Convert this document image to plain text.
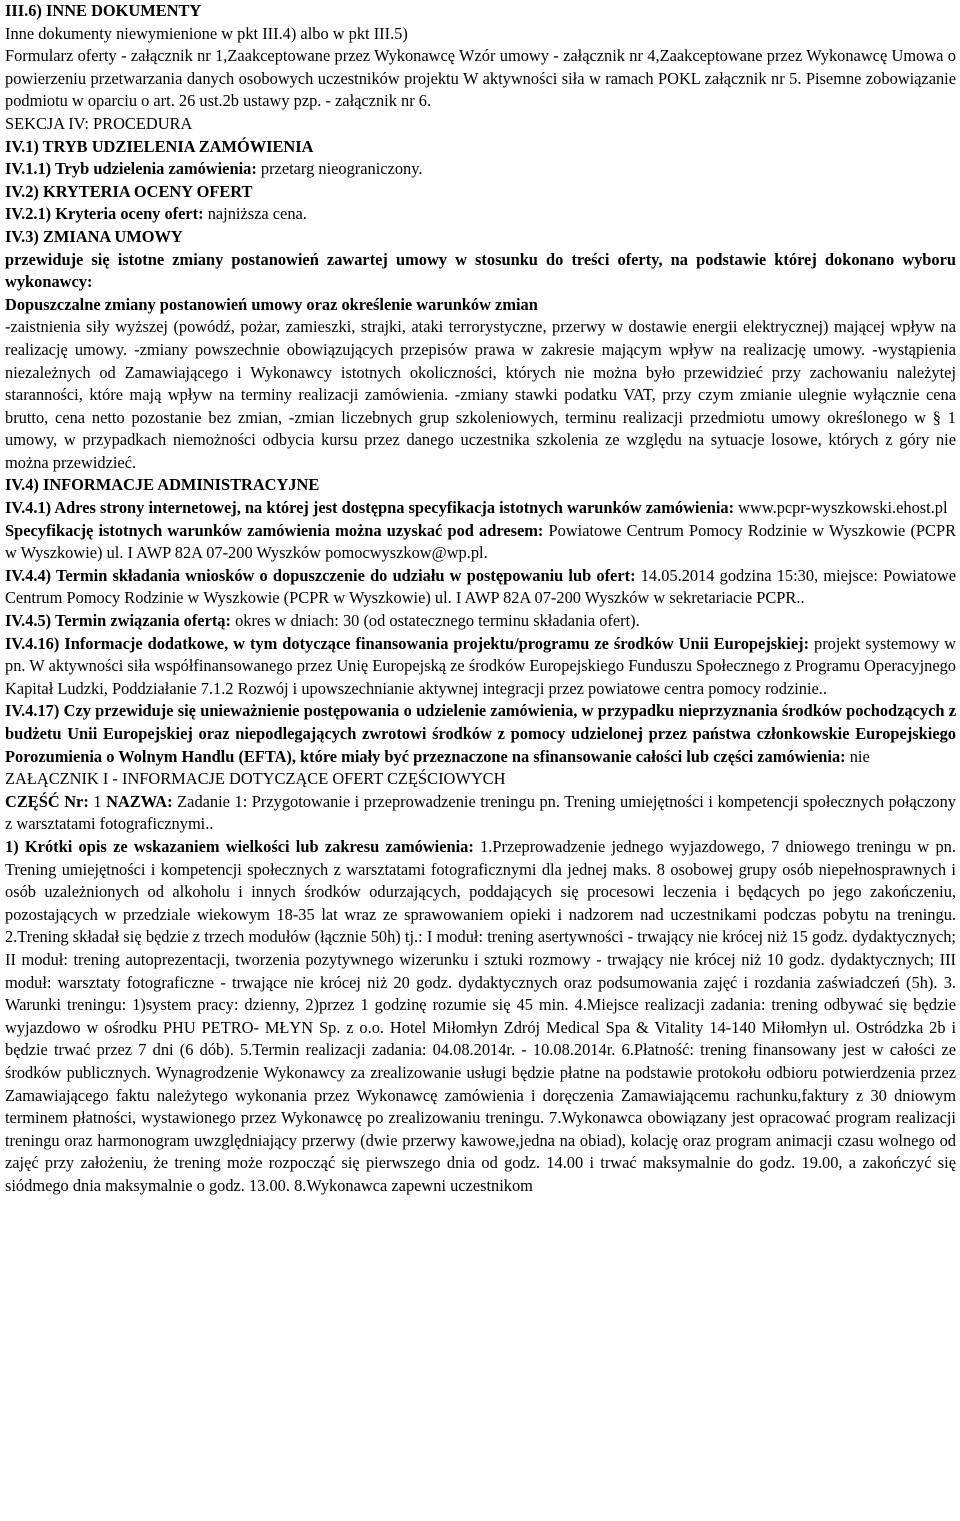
III.6) INNE DOKUMENTY

Inne dokumenty niewymienione w pkt III.4) albo w pkt III.5)

Formularz oferty - załącznik nr 1,Zaakceptowane przez Wykonawcę Wzór umowy - załącznik nr 4,Zaakceptowane przez Wykonawcę Umowa o powierzeniu przetwarzania danych osobowych uczestników projektu W aktywności siła w ramach POKL załącznik nr 5. Pisemne zobowiązanie podmiotu w oparciu o art. 26 ust.2b ustawy pzp. - załącznik nr 6.

SEKCJA IV: PROCEDURA

IV.1) TRYB UDZIELENIA ZAMÓWIENIA

IV.1.1) Tryb udzielenia zamówienia: przetarg nieograniczony.

IV.2) KRYTERIA OCENY OFERT

IV.2.1) Kryteria oceny ofert: najniższa cena.

IV.3) ZMIANA UMOWY

przewiduje się istotne zmiany postanowień zawartej umowy w stosunku do treści oferty, na podstawie której dokonano wyboru wykonawcy:

Dopuszczalne zmiany postanowień umowy oraz określenie warunków zmian

-zaistnienia siły wyższej (powódź, pożar, zamieszki, strajki, ataki terrorystyczne, przerwy w dostawie energii elektrycznej) mającej wpływ na realizację umowy. -zmiany powszechnie obowiązujących przepisów prawa w zakresie mającym wpływ na realizację umowy. -wystąpienia niezależnych od Zamawiającego i Wykonawcy istotnych okoliczności, których nie można było przewidzieć przy zachowaniu należytej staranności, które mają wpływ na terminy realizacji zamówienia. -zmiany stawki podatku VAT, przy czym zmianie ulegnie wyłącznie cena brutto, cena netto pozostanie bez zmian, -zmian liczebnych grup szkoleniowych, terminu realizacji przedmiotu umowy określonego w § 1 umowy, w przypadkach niemożności odbycia kursu przez danego uczestnika szkolenia ze względu na sytuacje losowe, których z góry nie można przewidzieć.

IV.4) INFORMACJE ADMINISTRACYJNE

IV.4.1) Adres strony internetowej, na której jest dostępna specyfikacja istotnych warunków zamówienia: www.pcpr-wyszkowski.ehost.pl

Specyfikację istotnych warunków zamówienia można uzyskać pod adresem: Powiatowe Centrum Pomocy Rodzinie w Wyszkowie (PCPR w Wyszkowie) ul. I AWP 82A 07-200 Wyszków pomocwyszkow@wp.pl.

IV.4.4) Termin składania wniosków o dopuszczenie do udziału w postępowaniu lub ofert: 14.05.2014 godzina 15:30, miejsce: Powiatowe Centrum Pomocy Rodzinie w Wyszkowie (PCPR w Wyszkowie) ul. I AWP 82A 07-200 Wyszków w sekretariacie PCPR..

IV.4.5) Termin związania ofertą: okres w dniach: 30 (od ostatecznego terminu składania ofert).

IV.4.16) Informacje dodatkowe, w tym dotyczące finansowania projektu/programu ze środków Unii Europejskiej: projekt systemowy w pn. W aktywności siła współfinansowanego przez Unię Europejską ze środków Europejskiego Funduszu Społecznego z Programu Operacyjnego Kapitał Ludzki, Poddziałanie 7.1.2 Rozwój i upowszechnianie aktywnej integracji przez powiatowe centra pomocy rodzinie..

IV.4.17) Czy przewiduje się unieważnienie postępowania o udzielenie zamówienia, w przypadku nieprzyznania środków pochodzących z budżetu Unii Europejskiej oraz niepodlegających zwrotowi środków z pomocy udzielonej przez państwa członkowskie Europejskiego Porozumienia o Wolnym Handlu (EFTA), które miały być przeznaczone na sfinansowanie całości lub części zamówienia: nie

ZAŁĄCZNIK I - INFORMACJE DOTYCZĄCE OFERT CZĘŚCIOWYCH

CZĘŚĆ Nr: 1 NAZWA: Zadanie 1: Przygotowanie i przeprowadzenie treningu pn. Trening umiejętności i kompetencji społecznych połączony z warsztatami fotograficznymi..

1) Krótki opis ze wskazaniem wielkości lub zakresu zamówienia: 1.Przeprowadzenie jednego wyjazdowego, 7 dniowego treningu w pn. Trening umiejętności i kompetencji społecznych z warsztatami fotograficznymi dla jednej maks. 8 osobowej grupy osób niepełnosprawnych i osób uzależnionych od alkoholu i innych środków odurzających, poddających się procesowi leczenia i będących po jego zakończeniu, pozostających w przedziale wiekowym 18-35 lat wraz ze sprawowaniem opieki i nadzorem nad uczestnikami podczas pobytu na treningu. 2.Trening składał się będzie z trzech modułów (łącznie 50h) tj.: I moduł: trening asertywności - trwający nie krócej niż 15 godz. dydaktycznych; II moduł: trening autoprezentacji, tworzenia pozytywnego wizerunku i sztuki rozmowy - trwający nie krócej niż 10 godz. dydaktycznych; III moduł: warsztaty fotograficzne - trwające nie krócej niż 20 godz. dydaktycznych oraz podsumowania zajęć i rozdania zaświadczeń (5h). 3. Warunki treningu: 1)system pracy: dzienny, 2)przez 1 godzinę rozumie się 45 min. 4.Miejsce realizacji zadania: trening odbywać się będzie wyjazdowo w ośrodku PHU PETRO- MŁYN Sp. z o.o. Hotel Miłomłyn Zdrój Medical Spa & Vitality 14-140 Miłomłyn ul. Ostródzka 2b i będzie trwać przez 7 dni (6 dób). 5.Termin realizacji zadania: 04.08.2014r. - 10.08.2014r. 6.Płatność: trening finansowany jest w całości ze środków publicznych. Wynagrodzenie Wykonawcy za zrealizowanie usługi będzie płatne na podstawie protokołu odbioru potwierdzenia przez Zamawiającego faktu należytego wykonania przez Wykonawcę zamówienia i doręczenia Zamawiającemu rachunku,faktury z 30 dniowym terminem płatności, wystawionego przez Wykonawcę po zrealizowaniu treningu. 7.Wykonawca obowiązany jest opracować program realizacji treningu oraz harmonogram uwzględniający przerwy (dwie przerwy kawowe,jedna na obiad), kolację oraz program animacji czasu wolnego od zajęć przy założeniu, że trening może rozpocząć się pierwszego dnia od godz. 14.00 i trwać maksymalnie do godz. 19.00, a zakończyć się siódmego dnia maksymalnie o godz. 13.00. 8.Wykonawca zapewni uczestnikom
